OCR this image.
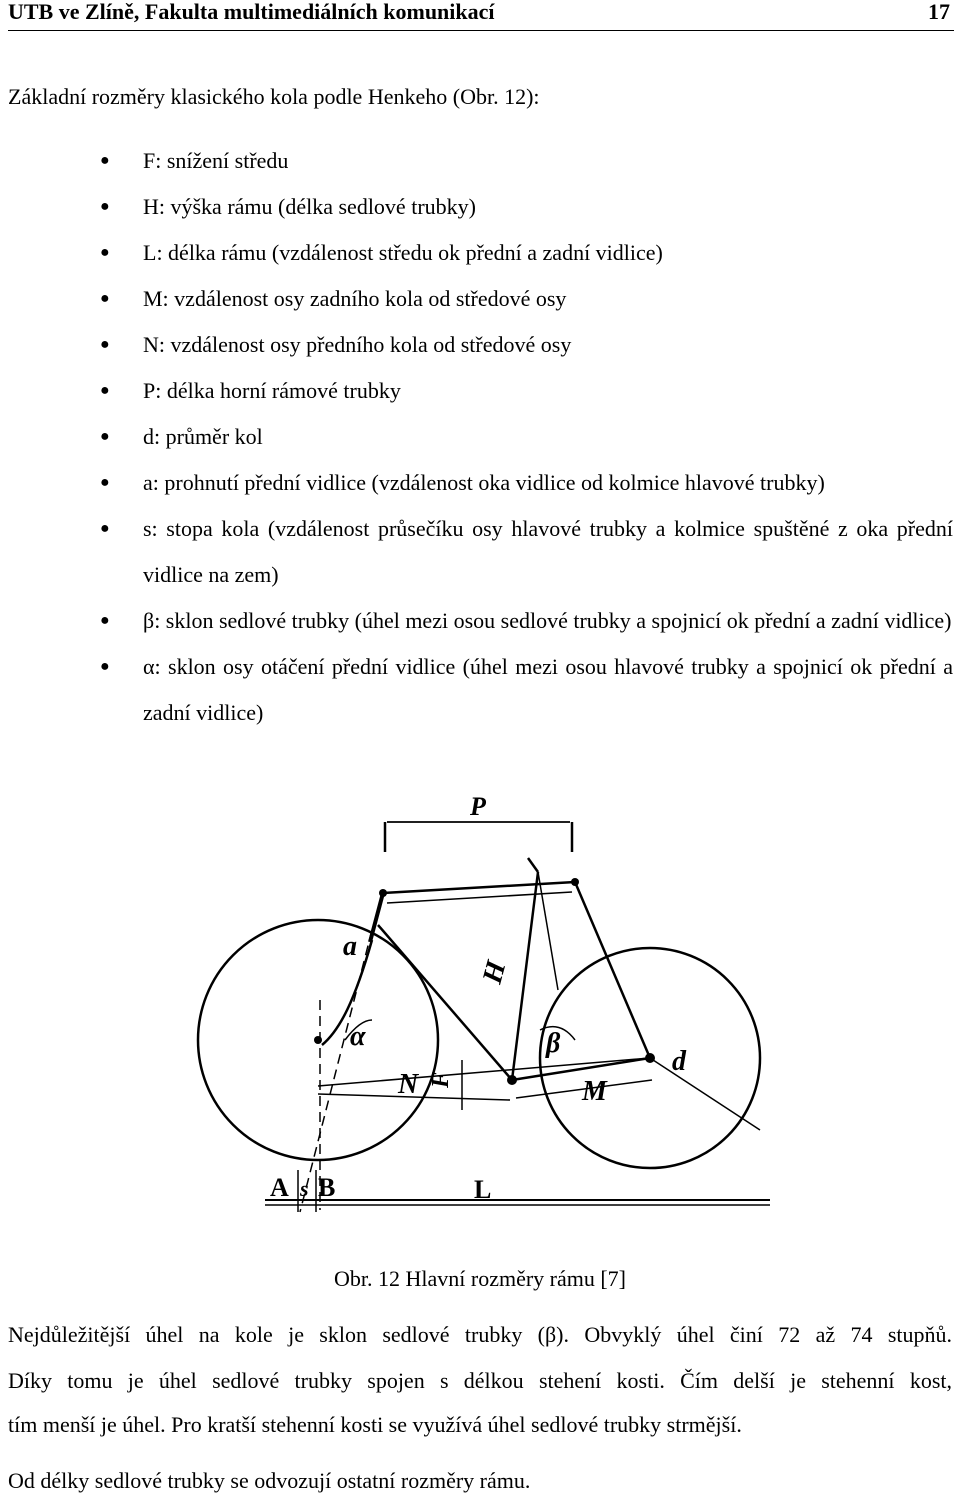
UTB ve Zlíně, Fakulta multimediálních komunikací	17
Základní rozměry klasického kola podle Henkeho (Obr. 12):
● F: snížení středu
● H: výška rámu (délka sedlové trubky)
● L: délka rámu (vzdálenost středu ok přední a zadní vidlice)
● M: vzdálenost osy zadního kola od středové osy
● N: vzdálenost osy předního kola od středové osy
● P: délka horní rámové trubky
● d: průměr kol
● a: prohnutí přední vidlice (vzdálenost oka vidlice od kolmice hlavové trubky)
● s: stopa kola (vzdálenost průsečíku osy hlavové trubky a kolmice spuštěné z oka přední vidlice na zem)
● β: sklon sedlové trubky (úhel mezi osou sedlové trubky a spojnicí ok přední a zadní vidlice)
● α: sklon osy otáčení přední vidlice (úhel mezi osou hlavové trubky a spojnicí ok přední a zadní vidlice)
P
H
a
α	β
N	M
F
d
A s B	L
Obr. 12 Hlavní rozměry rámu [7]
Nejdůležitější úhel na kole je sklon sedlové trubky (β). Obvyklý úhel činí 72 až 74 stupňů.
Díky tomu je úhel sedlové trubky spojen s délkou stehení kosti. Čím delší je stehenní kost,
tím menší je úhel. Pro kratší stehenní kosti se využívá úhel sedlové trubky strmější.
Od délky sedlové trubky se odvozují ostatní rozměry rámu.
